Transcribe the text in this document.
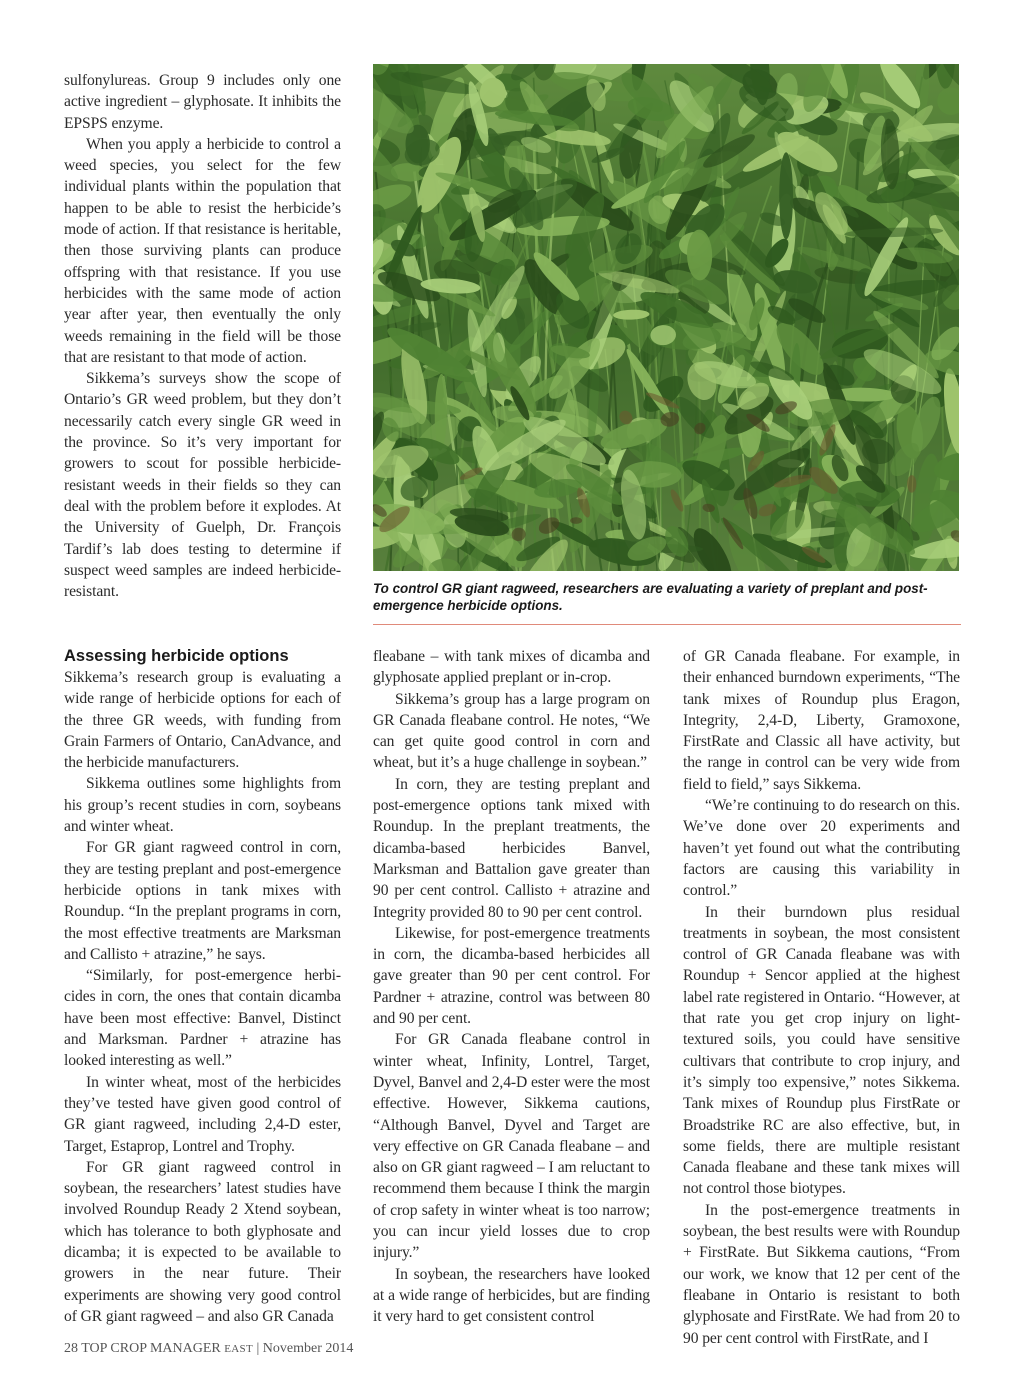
sulfonylureas. Group 9 includes only one active ingredient – glyphosate. It inhibits the EPSPS enzyme.

When you apply a herbicide to control a weed species, you select for the few individual plants within the population that happen to be able to resist the herbicide’s mode of action. If that resistance is heritable, then those surviving plants can produce offspring with that resistance. If you use herbicides with the same mode of action year after year, then eventually the only weeds remaining in the field will be those that are resistant to that mode of action.

Sikkema’s surveys show the scope of Ontario’s GR weed problem, but they don’t necessarily catch every single GR weed in the province. So it’s very important for growers to scout for possible herbicide-resistant weeds in their fields so they can deal with the problem before it explodes. At the University of Guelph, Dr. François Tardif’s lab does testing to determine if suspect weed samples are indeed herbicide-resistant.

Assessing herbicide options

Sikkema’s research group is evaluating a wide range of herbicide options for each of the three GR weeds, with funding from Grain Farmers of Ontario, CanAdvance, and the herbicide manufacturers.

Sikkema outlines some highlights from his group’s recent studies in corn, soybeans and winter wheat.

For GR giant ragweed control in corn, they are testing preplant and post-emergence herbicide options in tank mixes with Roundup. “In the preplant programs in corn, the most effective treatments are Marksman and Callisto + atrazine,” he says.

“Similarly, for post-emergence herbi-cides in corn, the ones that contain dicamba have been most effective: Banvel, Distinct and Marksman. Pardner + atrazine has looked interesting as well.”

In winter wheat, most of the herbicides they’ve tested have given good control of GR giant ragweed, including 2,4-D ester, Target, Estaprop, Lontrel and Trophy.

For GR giant ragweed control in soybean, the researchers’ latest studies have involved Roundup Ready 2 Xtend soybean, which has tolerance to both glyphosate and dicamba; it is expected to be available to growers in the near future. Their experiments are showing very good control of GR giant ragweed – and also GR Canada

To control GR giant ragweed, researchers are evaluating a variety of preplant and post-emergence herbicide options.

fleabane – with tank mixes of dicamba and glyphosate applied preplant or in-crop.

Sikkema’s group has a large program on GR Canada fleabane control. He notes, “We can get quite good control in corn and wheat, but it’s a huge challenge in soybean.”

In corn, they are testing preplant and post-emergence options tank mixed with Roundup. In the preplant treatments, the dicamba-based herbicides Banvel, Marksman and Battalion gave greater than 90 per cent control. Callisto + atrazine and Integrity provided 80 to 90 per cent control.

Likewise, for post-emergence treatments in corn, the dicamba-based herbicides all gave greater than 90 per cent control. For Pardner + atrazine, control was between 80 and 90 per cent.

For GR Canada fleabane control in winter wheat, Infinity, Lontrel, Target, Dyvel, Banvel and 2,4-D ester were the most effective. However, Sikkema cautions, “Although Banvel, Dyvel and Target are very effective on GR Canada fleabane – and also on GR giant ragweed – I am reluctant to recommend them because I think the margin of crop safety in winter wheat is too narrow; you can incur yield losses due to crop injury.”

In soybean, the researchers have looked at a wide range of herbicides, but are finding it very hard to get consistent control

of GR Canada fleabane. For example, in their enhanced burndown experiments, “The tank mixes of Roundup plus Eragon, Integrity, 2,4-D, Liberty, Gramoxone, FirstRate and Classic all have activity, but the range in control can be very wide from field to field,” says Sikkema.

“We’re continuing to do research on this. We’ve done over 20 experiments and haven’t yet found out what the contributing factors are causing this variability in control.”

In their burndown plus residual treatments in soybean, the most consistent control of GR Canada fleabane was with Roundup + Sencor applied at the highest label rate registered in Ontario. “However, at that rate you get crop injury on light-textured soils, you could have sensitive cultivars that contribute to crop injury, and it’s simply too expensive,” notes Sikkema. Tank mixes of Roundup plus FirstRate or Broadstrike RC are also effective, but, in some fields, there are multiple resistant Canada fleabane and these tank mixes will not control those biotypes.

In the post-emergence treatments in soybean, the best results were with Roundup + FirstRate. But Sikkema cautions, “From our work, we know that 12 per cent of the fleabane in Ontario is resistant to both glyphosate and FirstRate. We had from 20 to 90 per cent control with FirstRate, and I

28 TOP CROP MANAGER EAST | November 2014
